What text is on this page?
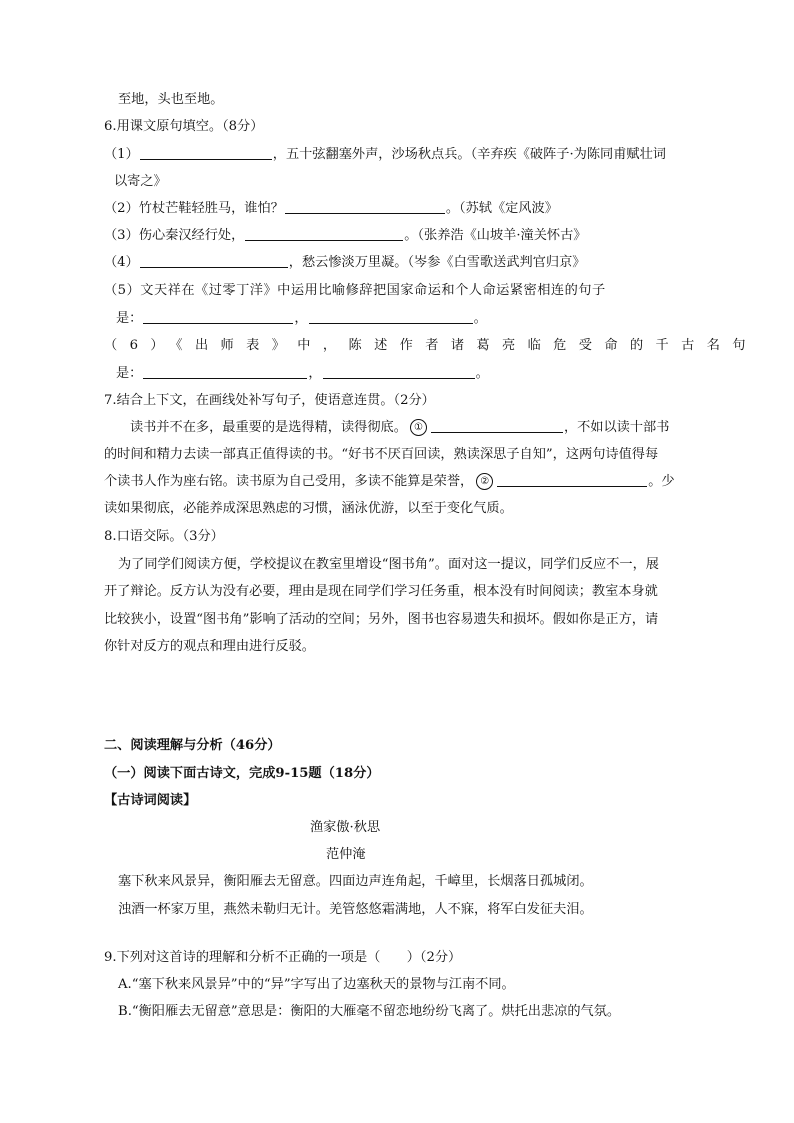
至地，头也至地。
6.用课文原句填空。（8分）
（1）	，五十弦翻塞外声，沙场秋点兵。（辛弃疾《破阵子·为陈同甫赋壮词
以寄之》
（2）竹杖芒鞋轻胜马，谁怕？	。（苏轼《定风波》
（3）伤心秦汉经行处，	。（张养浩《山坡羊·潼关怀古》
（4）	，愁云惨淡万里凝。（岑参《白雪歌送武判官归京》
（5）文天祥在《过零丁洋》中运用比喻修辞把国家命运和个人命运紧密相连的句子
是：	，	。
（6）《出师表》中，陈述作者诸葛亮临危受命的千古名句
是：	，	。
7.结合上下文，在画线处补写句子，使语意连贯。（2分）
读书并不在多，最重要的是选得精，读得彻底。 ①	，不如以读十部书
的时间和精力去读一部真正值得读的书。“好书不厌百回读，熟读深思子自知”，这两句诗值得每
个读书人作为座右铭。读书原为自己受用，多读不能算是荣誉， ②	。少
读如果彻底，必能养成深思熟虑的习惯，涵泳优游，以至于变化气质。
8.口语交际。（3分）
为了同学们阅读方便，学校提议在教室里增设“图书角”。面对这一提议，同学们反应不一，展
开了辩论。反方认为没有必要，理由是现在同学们学习任务重，根本没有时间阅读；教室本身就
比较狭小，设置“图书角”影响了活动的空间；另外，图书也容易遗失和损坏。假如你是正方，请
你针对反方的观点和理由进行反驳。
二、阅读理解与分析（46分）
（一）阅读下面古诗文，完成9-15题（18分）
【古诗词阅读】
渔家傲·秋思
范仲淹
塞下秋来风景异，衡阳雁去无留意。四面边声连角起，千嶂里，长烟落日孤城闭。
浊酒一杯家万里，燕然未勒归无计。羌管悠悠霜满地，人不寐，将军白发征夫泪。
9.下列对这首诗的理解和分析不正确的一项是（　　）（2分）
A.“塞下秋来风景异”中的“异”字写出了边塞秋天的景物与江南不同。
B.“衡阳雁去无留意”意思是：衡阳的大雁毫不留恋地纷纷飞离了。烘托出悲凉的气氛。
